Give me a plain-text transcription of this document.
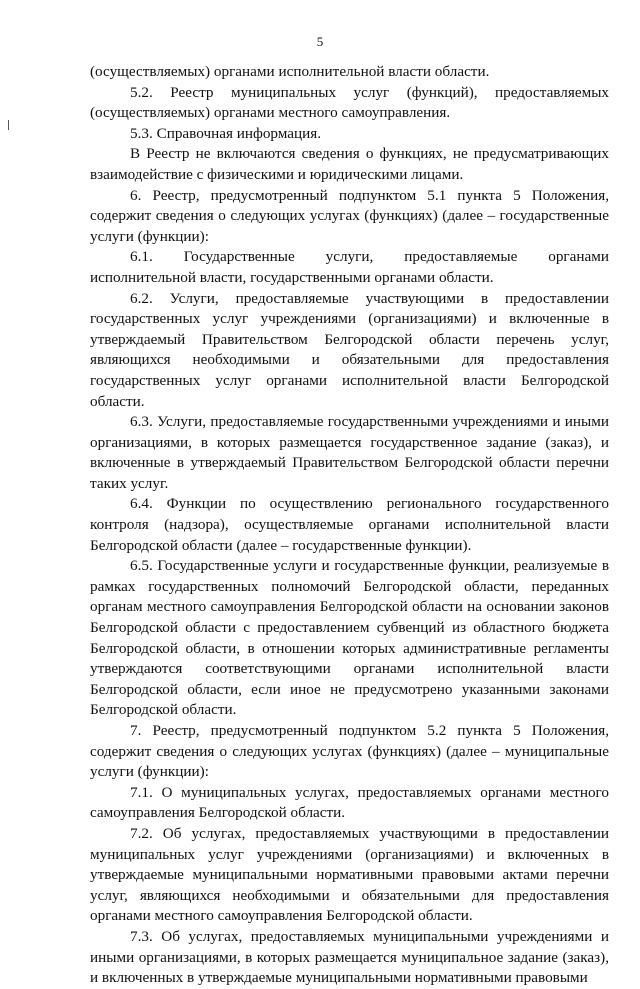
5

(осуществляемых) органами исполнительной власти области.

5.2. Реестр муниципальных услуг (функций), предоставляемых (осуществляемых) органами местного самоуправления.

5.3. Справочная информация.

В Реестр не включаются сведения о функциях, не предусматривающих взаимодействие с физическими и юридическими лицами.

6. Реестр, предусмотренный подпунктом 5.1 пункта 5 Положения, содержит сведения о следующих услугах (функциях) (далее – государственные услуги (функции):

6.1. Государственные услуги, предоставляемые органами исполнительной власти, государственными органами области.

6.2. Услуги, предоставляемые участвующими в предоставлении государственных услуг учреждениями (организациями) и включенные в утверждаемый Правительством Белгородской области перечень услуг, являющихся необходимыми и обязательными для предоставления государственных услуг органами исполнительной власти Белгородской области.

6.3. Услуги, предоставляемые государственными учреждениями и иными организациями, в которых размещается государственное задание (заказ), и включенные в утверждаемый Правительством Белгородской области перечни таких услуг.

6.4. Функции по осуществлению регионального государственного контроля (надзора), осуществляемые органами исполнительной власти Белгородской области (далее – государственные функции).

6.5. Государственные услуги и государственные функции, реализуемые в рамках государственных полномочий Белгородской области, переданных органам местного самоуправления Белгородской области на основании законов Белгородской области с предоставлением субвенций из областного бюджета Белгородской области, в отношении которых административные регламенты утверждаются соответствующими органами исполнительной власти Белгородской области, если иное не предусмотрено указанными законами Белгородской области.

7. Реестр, предусмотренный подпунктом 5.2 пункта 5 Положения, содержит сведения о следующих услугах (функциях) (далее – муниципальные услуги (функции):

7.1. О муниципальных услугах, предоставляемых органами местного самоуправления Белгородской области.

7.2. Об услугах, предоставляемых участвующими в предоставлении муниципальных услуг учреждениями (организациями) и включенных в утверждаемые муниципальными нормативными правовыми актами перечни услуг, являющихся необходимыми и обязательными для предоставления органами местного самоуправления Белгородской области.

7.3. Об услугах, предоставляемых муниципальными учреждениями и иными организациями, в которых размещается муниципальное задание (заказ), и включенных в утверждаемые муниципальными нормативными правовыми
